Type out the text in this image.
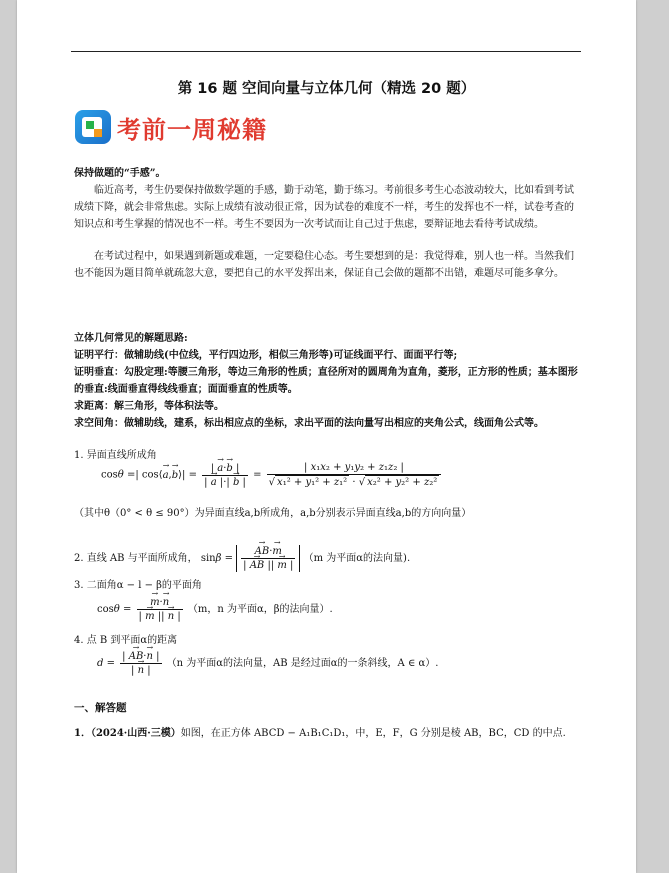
第 16 题 空间向量与立体几何（精选 20 题）
考前一周秘籍
保持做题的“手感”。

临近高考，考生仍要保持做数学题的手感，勤于动笔，勤于练习。考前很多考生心态波动较大，比如看到考试成绩下降，就会非常焦虑。实际上成绩有波动很正常，因为试卷的难度不一样，考生的发挥也不一样，试卷考查的知识点和考生掌握的情况也不一样。考生不要因为一次考试而让自己过于焦虑，要辩证地去看待考试成绩。

在考试过程中，如果遇到新题或难题，一定要稳住心态。考生要想到的是：我觉得难，别人也一样。当然我们也不能因为题目简单就疏忽大意，要把自己的水平发挥出来，保证自己会做的题都不出错，难题尽可能多拿分。

立体几何常见的解题思路:
证明平行：做辅助线(中位线，平行四边形，相似三角形等)可证线面平行、面面平行等;
证明垂直：勾股定理:等腰三角形，等边三角形的性质；直径所对的圆周角为直角，菱形，正方形的性质；基本图形的垂直:线面垂直得线线垂直；面面垂直的性质等。
求距离：解三角形，等体积法等。
求空间角：做辅助线，建系，标出相应点的坐标，求出平面的法向量写出相应的夹角公式，线面角公式等。
1. 异面直线所成角
cosθ =| cos⟨→ a,→ b⟩| = $\frac{| \to a\cdot\to b |}{| \to a |\cdot| \to b |} = \frac{\text{| x₁x₂ + y₁y₂ + z₁z₂ |}}{\text{√ x₁² + y₁² + z₁² · √ x₂² + y₂² + z₂²}}$
（其中θ（0° < θ ≤ 90°）为异面直线a,b所成角，a,b分别表示异面直线a,b的方向向量）
2. 直线 AB 与平面所成角， sinβ = → $\frac{AB\cdot\to m}{| \to AB || \to m |} (m$ 为平面α的法向量).
3. 二面角α − l − β的平面角
cosθ = → $\frac{m\cdot\to n}{| \to m || \to n |} (m$，n 为平面α，β的法向量）.
4. 点 B 到平面α的距离
$d = \frac{| \to AB\cdot\to n |}{| \to n |} (n$ 为平面α的法向量，AB 是经过面α的一条斜线，A ∈ α）.
一、解答题
1．（2024·山西·三模）如图，在正方体 ABCD − A₁B₁C₁D₁，中，E，F，G 分别是棱 AB，BC，CD 的中点.
